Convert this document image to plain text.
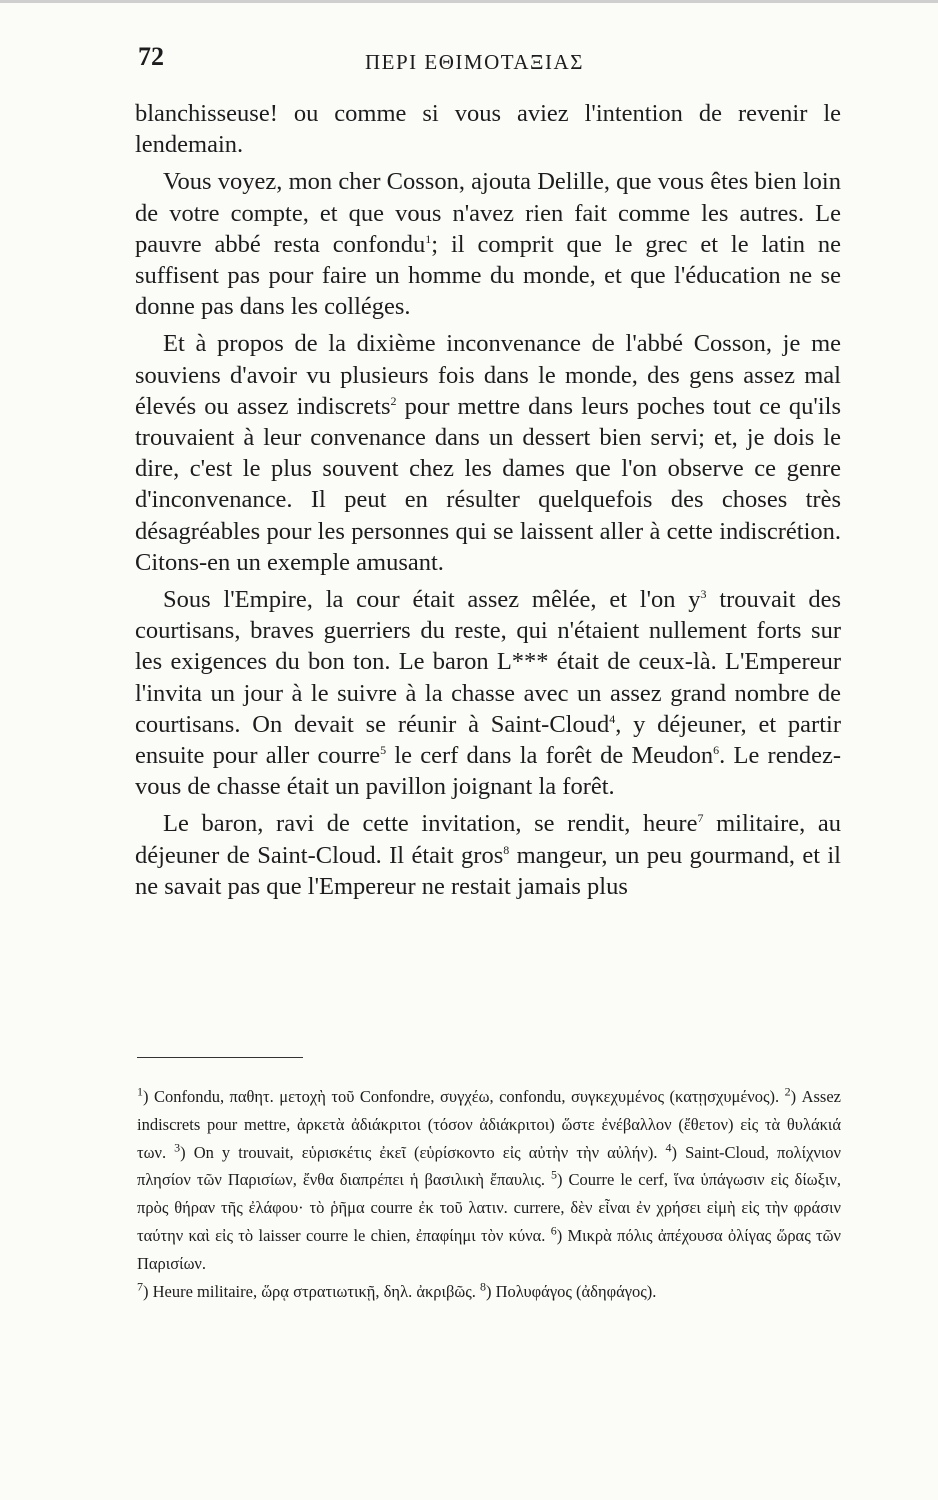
72	ΠΕΡΙ ΕΘΙΜΟΤΑΞΙΑΣ

blanchisseuse! ou comme si vous aviez l'intention de revenir le lendemain.

Vous voyez, mon cher Cosson, ajouta Delille, que vous êtes bien loin de votre compte, et que vous n'avez rien fait comme les autres. Le pauvre abbé resta confondu$^1$; il comprit que le grec et le latin ne suffisent pas pour faire un homme du monde, et que l'éducation ne se donne pas dans les colléges.

Et à propos de la dixième inconvenance de l'abbé Cosson, je me souviens d'avoir vu plusieurs fois dans le monde, des gens assez mal élevés ou assez indiscrets$^2$ pour mettre dans leurs poches tout ce qu'ils trouvaient à leur convenance dans un dessert bien servi; et, je dois le dire, c'est le plus souvent chez les dames que l'on observe ce genre d'inconvenance. Il peut en résulter quelquefois des choses très désagréables pour les personnes qui se laissent aller à cette indiscrétion. Citons-en un exemple amusant.

Sous l'Empire, la cour était assez mêlée, et l'on $y^3$ trouvait des courtisans, braves guerriers du reste, qui n'étaient nullement forts sur les exigences du bon ton. Le baron L*** était de ceux-là. L'Empereur l'invita un jour à le suivre à la chasse avec un assez grand nombre de courtisans. On devait se réunir à Saint-Cloud$^4$, y déjeuner, et partir ensuite pour aller courre$^5$ le cerf dans la forêt de Meudon$^6$. Le rendez-vous de chasse était un pavillon joignant la forêt.

Le baron, ravi de cette invitation, se rendit, heure$^7$ militaire, au déjeuner de Saint-Cloud. Il était gros$^8$ mangeur, un peu gourmand, et il ne savait pas que l'Empereur ne restait jamais plus

$^1$) Confondu, παθητ. μετοχὴ τοῦ Confondre, συγχέω, confondu, συγκεχυμένος (κατῃσχυμένος). $^2$) Assez indiscrets pour mettre, ἀρκετὰ ἀδιάκριτοι (τόσον ἀδιάκριτοι) ὥστε ἐνέβαλλον (ἔθετον) εἰς τὰ θυλάκιά των. $^3$) On y trouvait, εὑρισκέτις ἐκεῖ (εὑρίσκοντο εἰς αὐτὴν τὴν αὐλήν). $^4$) Saint-Cloud, πολίχνιον πλησίον τῶν Παρισίων, ἔνθα διαπρέπει ἡ βασιλικὴ ἔπαυλις. $^5$) Courre le cerf, ἵνα ὑπάγωσιν εἰς δίωξιν, πρὸς θήραν τῆς ἐλάφου· τὸ ῥῆμα courre ἐκ τοῦ λατιν. currere, δὲν εἶναι ἐν χρήσει εἰμὴ εἰς τὴν φράσιν ταύτην καὶ εἰς τὸ laisser courre le chien, ἐπαφίημι τὸν κύνα. $^6$) Μικρὰ πόλις ἀπέχουσα ὀλίγας ὥρας τῶν Παρισίων.

$^7$) Heure militaire, ὥρᾳ στρατιωτικῇ, δηλ. ἀκριβῶς. $^8$) Πολυφάγος (ἀδηφάγος).
